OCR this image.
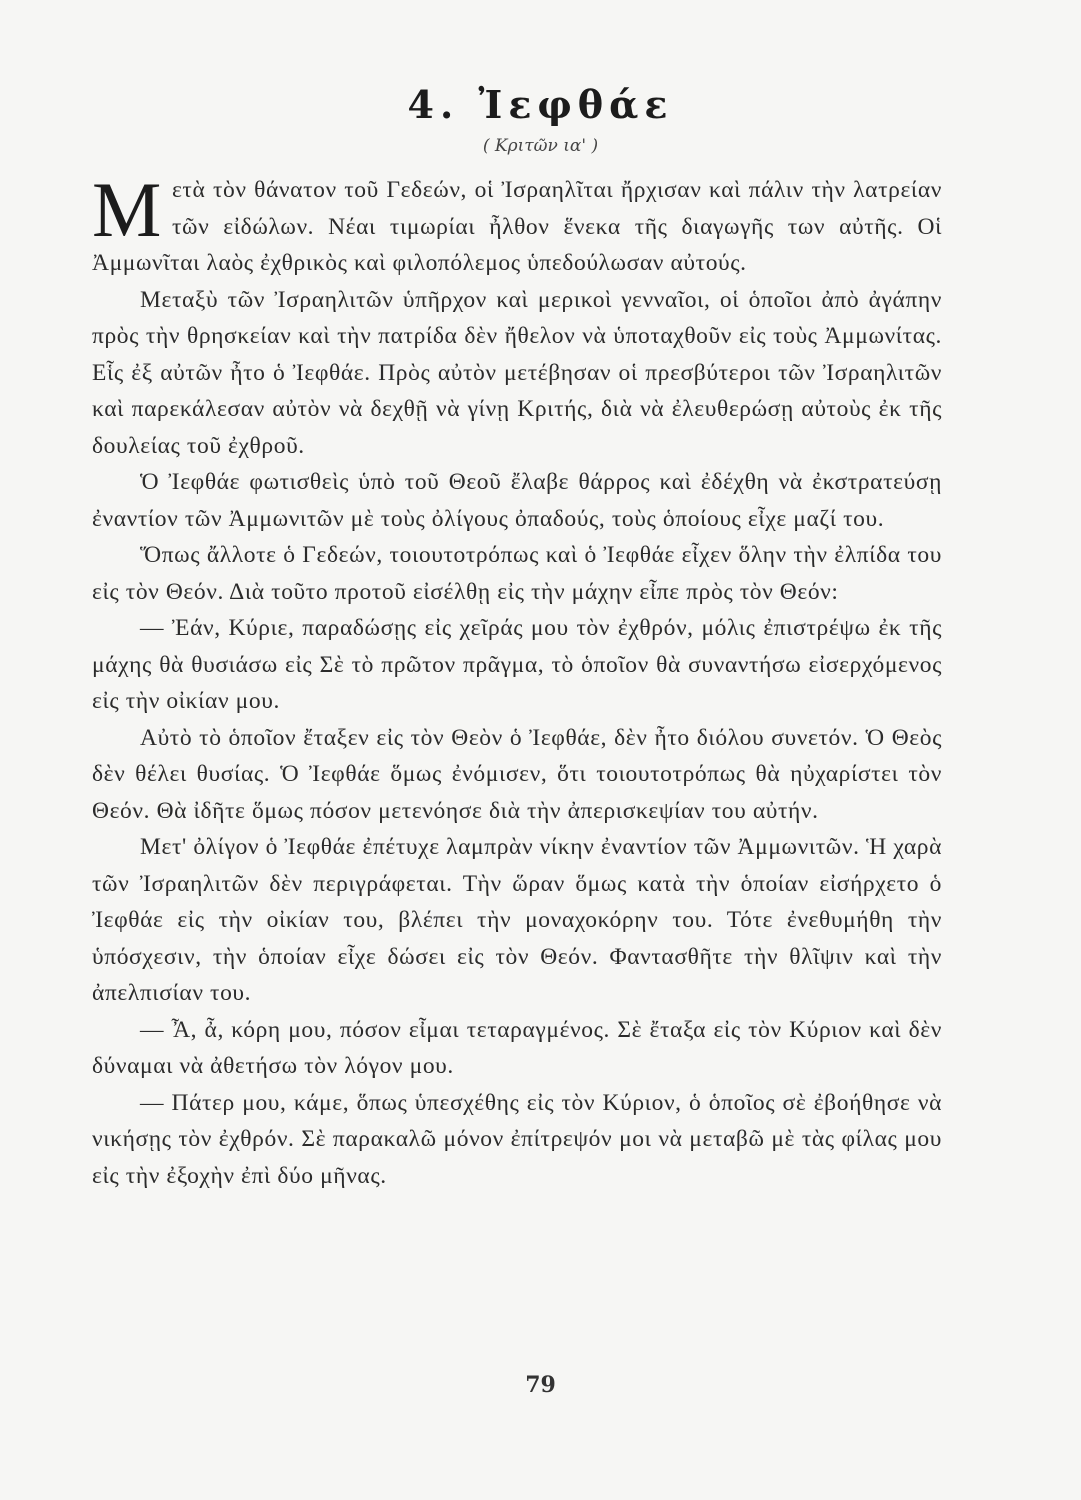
4. Ἰεφθάε
( Κριτῶν ια' )

Μετὰ τὸν θάνατον τοῦ Γεδεών, οἱ Ἰσραηλῖται ἤρχισαν καὶ πάλιν τὴν λατρείαν τῶν εἰδώλων. Νέαι τιμωρίαι ἦλθον ἕνεκα τῆς διαγωγῆς των αὐτῆς. Οἱ Ἀμμωνῖται λαὸς ἐχθρικὸς καὶ φιλοπόλεμος ὑπεδούλωσαν αὐτούς.

Μεταξὺ τῶν Ἰσραηλιτῶν ὑπῆρχον καὶ μερικοὶ γενναῖοι, οἱ ὁποῖοι ἀπὸ ἀγάπην πρὸς τὴν θρησκείαν καὶ τὴν πατρίδα δὲν ἤθελον νὰ ὑποταχθοῦν εἰς τοὺς Ἀμμωνίτας. Εἷς ἐξ αὐτῶν ἦτο ὁ Ἰεφθάε. Πρὸς αὐτὸν μετέβησαν οἱ πρεσβύτεροι τῶν Ἰσραηλιτῶν καὶ παρεκάλεσαν αὐτὸν νὰ δεχθῇ νὰ γίνῃ Κριτής, διὰ νὰ ἐλευθερώσῃ αὐτοὺς ἐκ τῆς δουλείας τοῦ ἐχθροῦ.

Ὁ Ἰεφθάε φωτισθεὶς ὑπὸ τοῦ Θεοῦ ἔλαβε θάρρος καὶ ἐδέχθη νὰ ἐκστρατεύσῃ ἐναντίον τῶν Ἀμμωνιτῶν μὲ τοὺς ὀλίγους ὀπαδούς, τοὺς ὁποίους εἶχε μαζί του.

Ὅπως ἄλλοτε ὁ Γεδεών, τοιουτοτρόπως καὶ ὁ Ἰεφθάε εἶχεν ὅλην τὴν ἐλπίδα του εἰς τὸν Θεόν. Διὰ τοῦτο προτοῦ εἰσέλθῃ εἰς τὴν μάχην εἶπε πρὸς τὸν Θεόν:

— Ἐάν, Κύριε, παραδώσῃς εἰς χεῖράς μου τὸν ἐχθρόν, μόλις ἐπιστρέψω ἐκ τῆς μάχης θὰ θυσιάσω εἰς Σὲ τὸ πρῶτον πρᾶγμα, τὸ ὁποῖον θὰ συναντήσω εἰσερχόμενος εἰς τὴν οἰκίαν μου.

Αὐτὸ τὸ ὁποῖον ἔταξεν εἰς τὸν Θεὸν ὁ Ἰεφθάε, δὲν ἦτο διόλου συνετόν. Ὁ Θεὸς δὲν θέλει θυσίας. Ὁ Ἰεφθάε ὅμως ἐνόμισεν, ὅτι τοιουτοτρόπως θὰ ηὐχαρίστει τὸν Θεόν. Θὰ ἰδῆτε ὅμως πόσον μετενόησε διὰ τὴν ἀπερισκεψίαν του αὐτήν.

Μετ' ὀλίγον ὁ Ἰεφθάε ἐπέτυχε λαμπρὰν νίκην ἐναντίον τῶν Ἀμμωνιτῶν. Ἡ χαρὰ τῶν Ἰσραηλιτῶν δὲν περιγράφεται. Τὴν ὥραν ὅμως κατὰ τὴν ὁποίαν εἰσήρχετο ὁ Ἰεφθάε εἰς τὴν οἰκίαν του, βλέπει τὴν μοναχοκόρην του. Τότε ἐνεθυμήθη τὴν ὑπόσχεσιν, τὴν ὁποίαν εἶχε δώσει εἰς τὸν Θεόν. Φαντασθῆτε τὴν θλῖψιν καὶ τὴν ἀπελπισίαν του.

— Ἆ, ἆ, κόρη μου, πόσον εἶμαι τεταραγμένος. Σὲ ἔταξα εἰς τὸν Κύριον καὶ δὲν δύναμαι νὰ ἀθετήσω τὸν λόγον μου.

— Πάτερ μου, κάμε, ὅπως ὑπεσχέθης εἰς τὸν Κύριον, ὁ ὁποῖος σὲ ἐβοήθησε νὰ νικήσῃς τὸν ἐχθρόν. Σὲ παρακαλῶ μόνον ἐπίτρεψόν μοι νὰ μεταβῶ μὲ τὰς φίλας μου εἰς τὴν ἐξοχὴν ἐπὶ δύο μῆνας.

79
